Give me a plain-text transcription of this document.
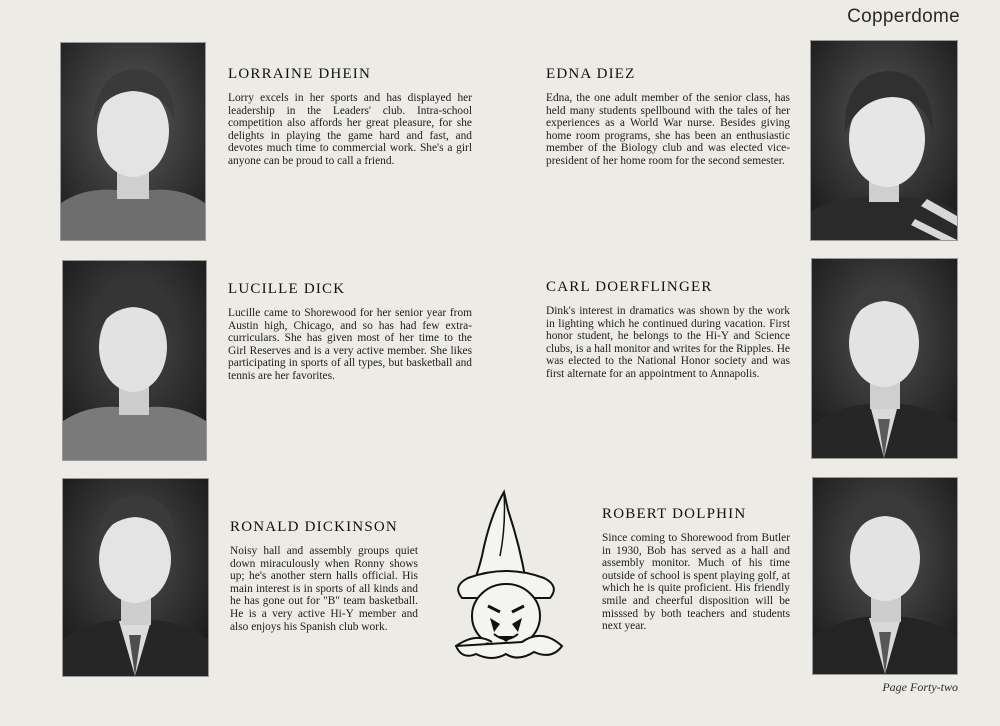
Copperdome
LORRAINE DHEIN

Lorry excels in her sports and has displayed her leadership in the Leaders' club. Intra-school competition also affords her great pleasure, for she delights in playing the game hard and fast, and devotes much time to commercial work. She's a girl anyone can be proud to call a friend.

EDNA DIEZ

Edna, the one adult member of the senior class, has held many students spellbound with the tales of her experiences as a World War nurse. Besides giving home room programs, she has been an enthusiastic member of the Biology club and was elected vice-president of her home room for the second semester.

LUCILLE DICK

Lucille came to Shorewood for her senior year from Austin high, Chicago, and so has had few extra-curriculars. She has given most of her time to the Girl Reserves and is a very active member. She likes participating in sports of all types, but basketball and tennis are her favorites.

CARL DOERFLINGER

Dink's interest in dramatics was shown by the work in lighting which he continued during vacation. First honor student, he belongs to the Hi-Y and Science clubs, is a hall monitor and writes for the Ripples. He was elected to the National Honor society and was first alternate for an appointment to Annapolis.

RONALD DICKINSON

Noisy hall and assembly groups quiet down miraculously when Ronny shows up; he's another stern halls official. His main interest is in sports of all kinds and he has gone out for "B" team basketball. He is a very active Hi-Y member and also enjoys his Spanish club work.

ROBERT DOLPHIN

Since coming to Shorewood from Butler in 1930, Bob has served as a hall and assembly monitor. Much of his time outside of school is spent playing golf, at which he is quite proficient. His friendly smile and cheerful disposition will be misssed by both teachers and students next year.

Page Forty-two
